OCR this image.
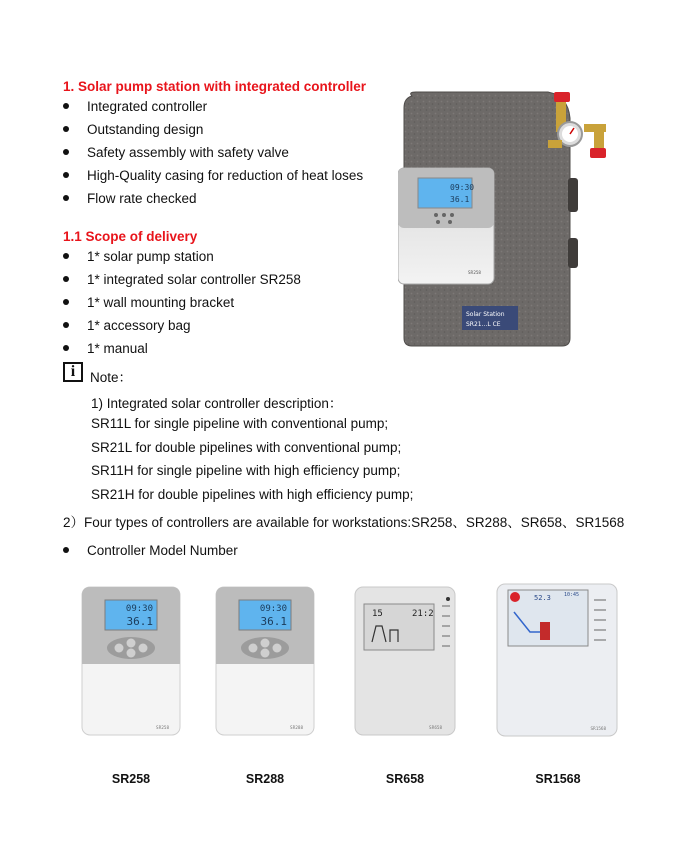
1. Solar pump station with integrated controller
Integrated controller
Outstanding design
Safety assembly with safety valve
High-Quality casing for reduction of heat loses
Flow rate checked
1.1 Scope of delivery
1* solar pump station
1* integrated solar controller SR258
1* wall mounting bracket
1* accessory bag
1* manual
i	Note：
1) Integrated solar controller description：
SR11L for single pipeline with conventional pump;
SR21L for double pipelines with conventional pump;
SR11H for single pipeline with high efficiency pump;
SR21H for double pipelines with high efficiency pump;
2）Four types of controllers are available for workstations:SR258、SR288、SR658、SR1568
Controller Model Number
09:30
36.1
SR258
Solar Station
SR21...L CE
09:30
36.1
SR258
09:30
36.1
SR288
15	21:2
SR658
52.3	10:45
SR1568
SR258	SR288	SR658	SR1568
